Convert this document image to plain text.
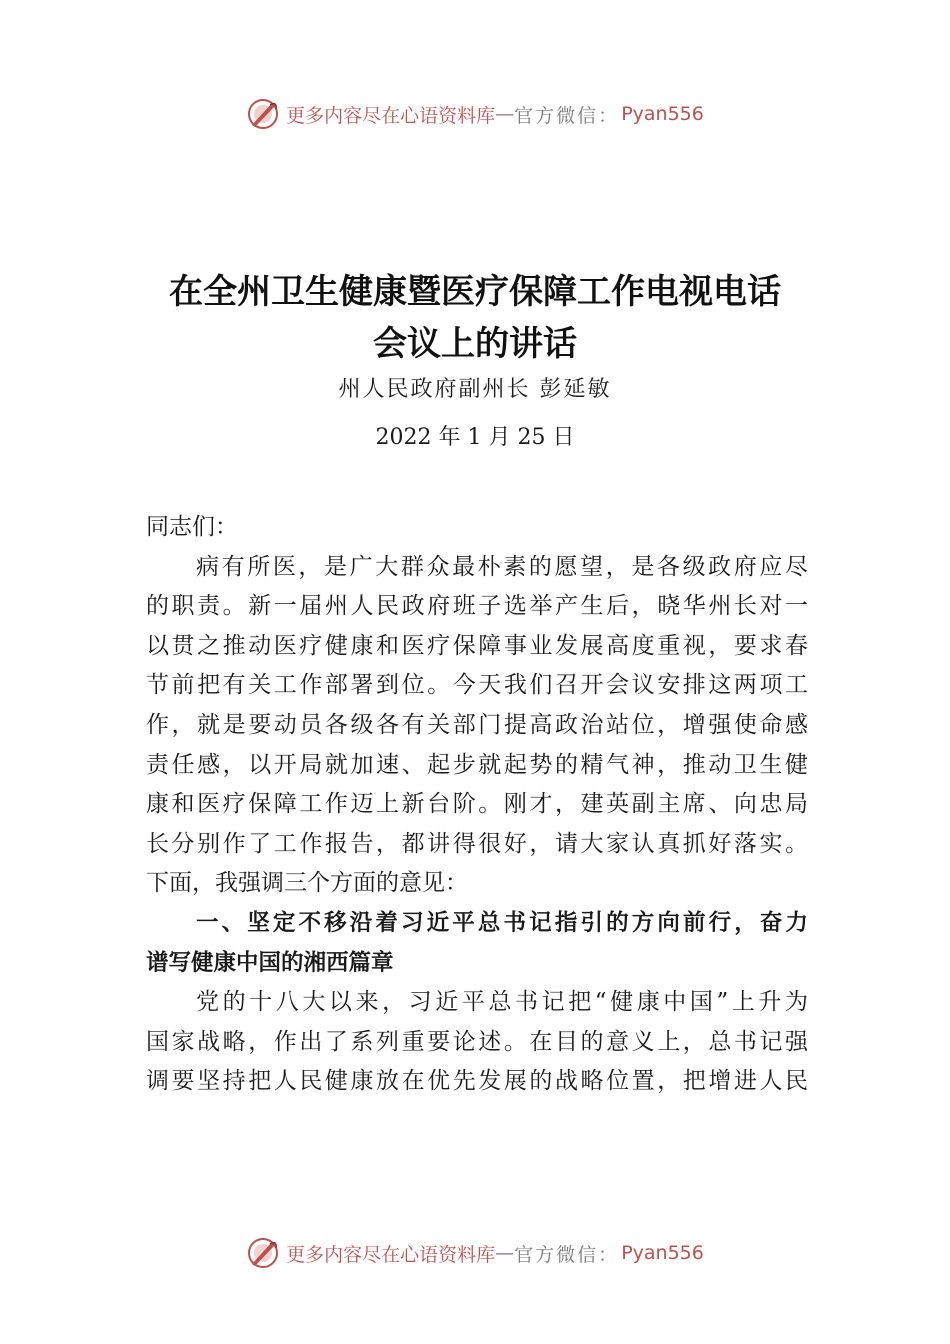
更多内容尽在心语资料库 — 官方微信 ： Pyan556
在全州卫生健康暨医疗保障工作电视电话
会议上的讲话
州人民政府副州长 彭延敏
2022 年 1 月 25 日
同志们：
病有所医，是广大群众最朴素的愿望，是各级政府应尽
的职责。新一届州人民政府班子选举产生后，晓华州长对一
以贯之推动医疗健康和医疗保障事业发展高度重视，要求春
节前把有关工作部署到位。今天我们召开会议安排这两项工
作，就是要动员各级各有关部门提高政治站位，增强使命感
责任感，以开局就加速、起步就起势的精气神，推动卫生健
康和医疗保障工作迈上新台阶。刚才，建英副主席、向忠局
长分别作了工作报告，都讲得很好，请大家认真抓好落实。
下面，我强调三个方面的意见：
一、坚定不移沿着习近平总书记指引的方向前行，奋力
谱写健康中国的湘西篇章
党的十八大以来，习近平总书记把“健康中国”上升为
国家战略，作出了系列重要论述。在目的意义上，总书记强
调要坚持把人民健康放在优先发展的战略位置，把增进人民
更多内容尽在心语资料库 — 官方微信 ： Pyan556
